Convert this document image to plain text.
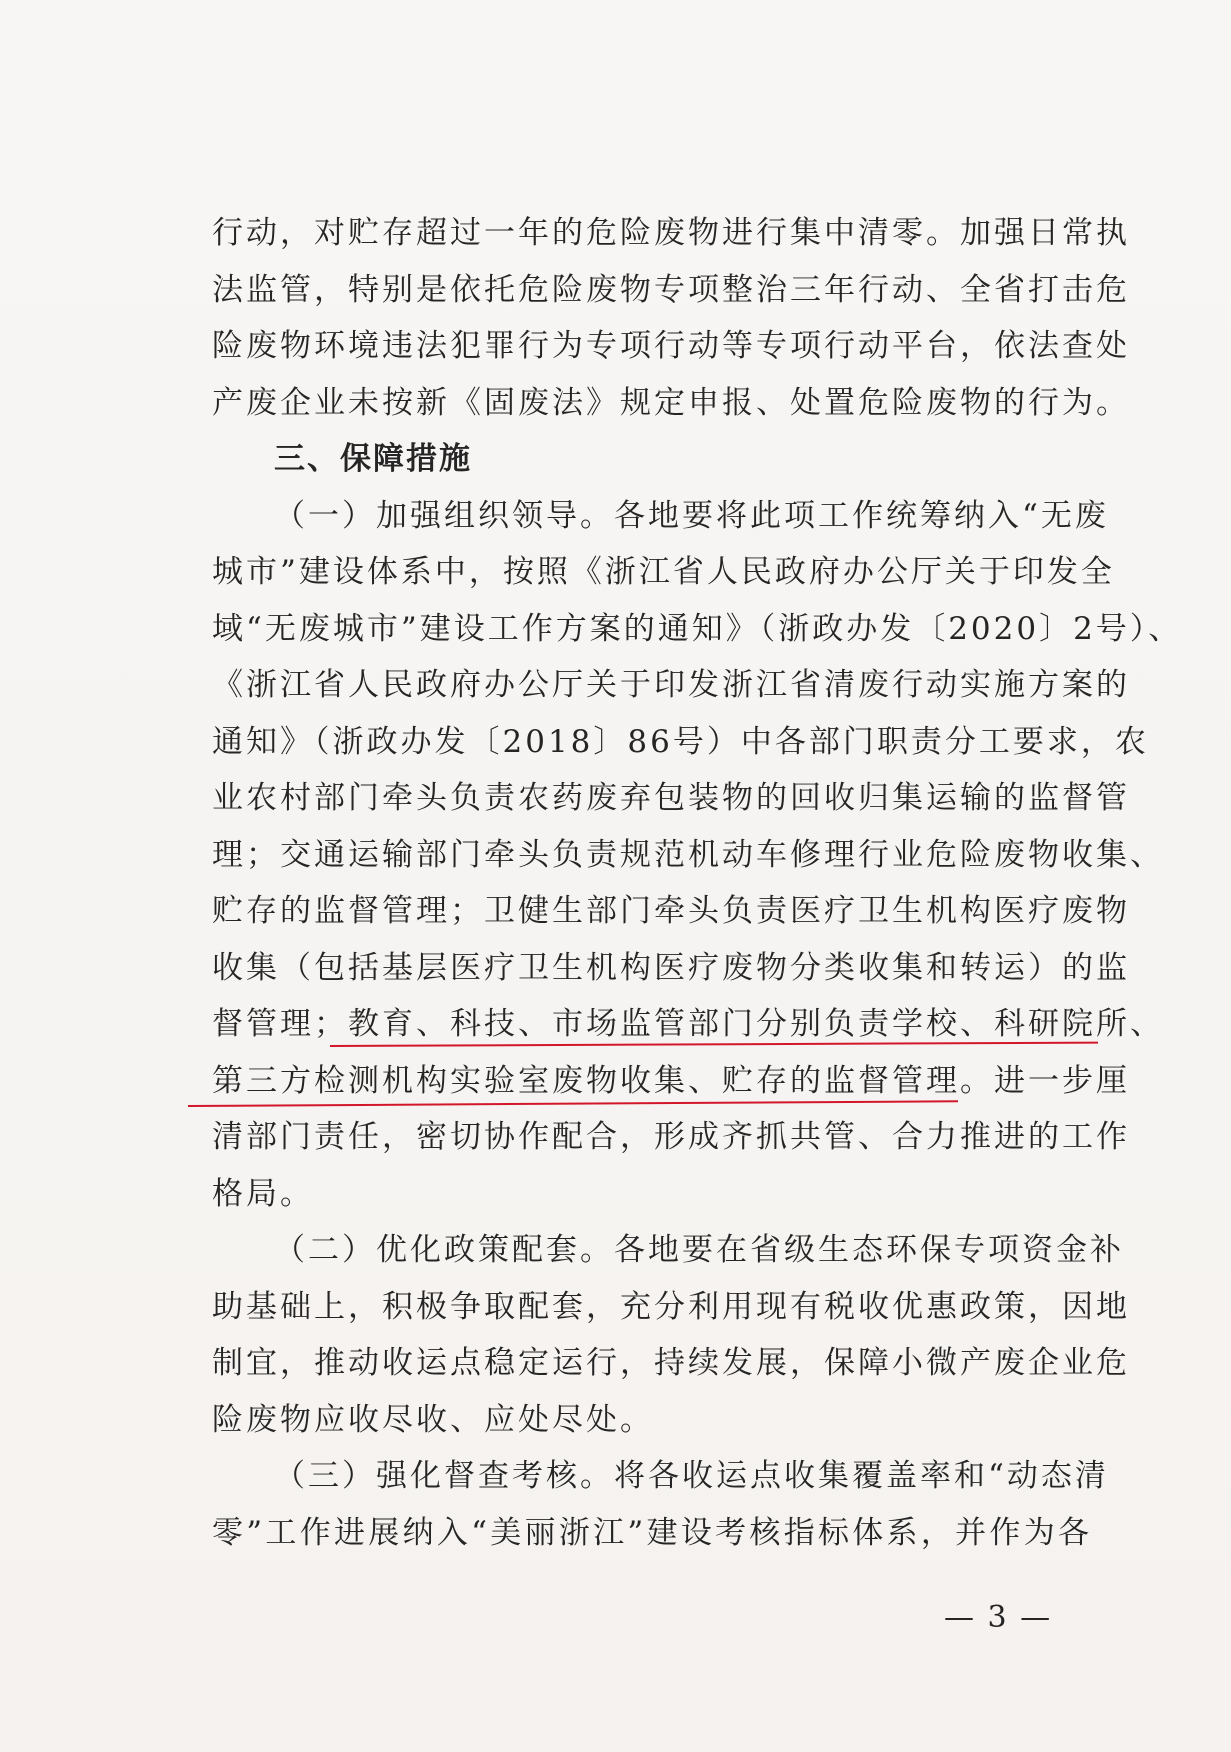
行动，对贮存超过一年的危险废物进行集中清零。加强日常执
法监管，特别是依托危险废物专项整治三年行动、全省打击危
险废物环境违法犯罪行为专项行动等专项行动平台，依法查处
产废企业未按新《固废法》规定申报、处置危险废物的行为。
三、保障措施
（一）加强组织领导。各地要将此项工作统筹纳入“无废
城市”建设体系中，按照《浙江省人民政府办公厅关于印发全
域“无废城市”建设工作方案的通知》（浙政办发〔2020〕2号）、
《浙江省人民政府办公厅关于印发浙江省清废行动实施方案的
通知》（浙政办发〔2018〕86号）中各部门职责分工要求，农
业农村部门牵头负责农药废弃包装物的回收归集运输的监督管
理；交通运输部门牵头负责规范机动车修理行业危险废物收集、
贮存的监督管理；卫健生部门牵头负责医疗卫生机构医疗废物
收集（包括基层医疗卫生机构医疗废物分类收集和转运）的监
督管理；教育、科技、市场监管部门分别负责学校、科研院所、
第三方检测机构实验室废物收集、贮存的监督管理。进一步厘
清部门责任，密切协作配合，形成齐抓共管、合力推进的工作
格局。
（二）优化政策配套。各地要在省级生态环保专项资金补
助基础上，积极争取配套，充分利用现有税收优惠政策，因地
制宜，推动收运点稳定运行，持续发展，保障小微产废企业危
险废物应收尽收、应处尽处。
（三）强化督查考核。将各收运点收集覆盖率和“动态清
零”工作进展纳入“美丽浙江”建设考核指标体系，并作为各
— 3 —
